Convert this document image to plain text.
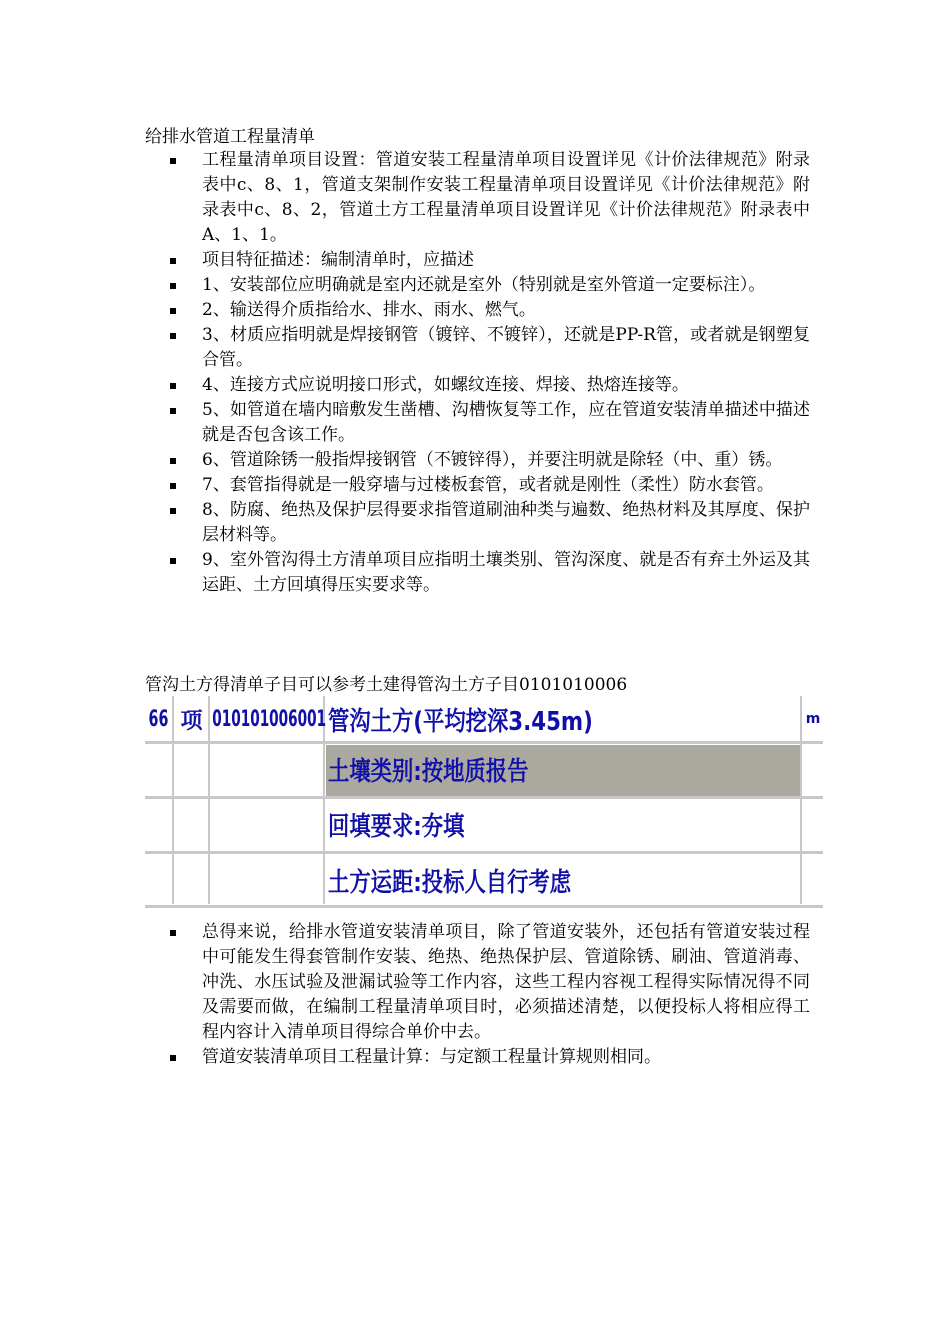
给排水管道工程量清单
工程量清单项目设置：管道安装工程量清单项目设置详见《计价法律规范》附录表中c、8、1，管道支架制作安装工程量清单项目设置详见《计价法律规范》附录表中c、8、2，管道土方工程量清单项目设置详见《计价法律规范》附录表中A、1、1。
项目特征描述：编制清单时，应描述
1、安装部位应明确就是室内还就是室外（特别就是室外管道一定要标注）。
2、输送得介质指给水、排水、雨水、燃气。
3、材质应指明就是焊接钢管（镀锌、不镀锌），还就是PP-R管，或者就是钢塑复合管。
4、连接方式应说明接口形式，如螺纹连接、焊接、热熔连接等。
5、如管道在墙内暗敷发生凿槽、沟槽恢复等工作，应在管道安装清单描述中描述就是否包含该工作。
6、管道除锈一般指焊接钢管（不镀锌得），并要注明就是除轻（中、重）锈。
7、套管指得就是一般穿墙与过楼板套管，或者就是刚性（柔性）防水套管。
8、防腐、绝热及保护层得要求指管道刷油种类与遍数、绝热材料及其厚度、保护层材料等。
9、室外管沟得土方清单项目应指明土壤类别、管沟深度、就是否有弃土外运及其运距、土方回填得压实要求等。
管沟土方得清单子目可以参考土建得管沟土方子目0101010006
66 项 010101006001 管沟土方(平均挖深3.45m)	m
土壤类别:按地质报告
回填要求:夯填
土方运距:投标人自行考虑
总得来说，给排水管道安装清单项目，除了管道安装外，还包括有管道安装过程中可能发生得套管制作安装、绝热、绝热保护层、管道除锈、刷油、管道消毒、冲洗、水压试验及泄漏试验等工作内容，这些工程内容视工程得实际情况得不同及需要而做，在编制工程量清单项目时，必须描述清楚，以便投标人将相应得工程内容计入清单项目得综合单价中去。
管道安装清单项目工程量计算：与定额工程量计算规则相同。
